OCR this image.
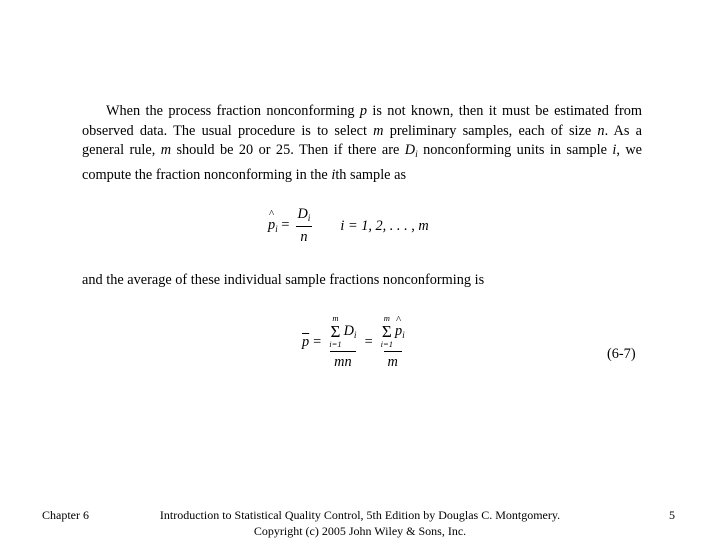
When the process fraction nonconforming p is not known, then it must be estimated from observed data. The usual procedure is to select m preliminary samples, each of size n. As a general rule, m should be 20 or 25. Then if there are $D_i$ nonconforming units in sample i, we compute the fraction nonconforming in the ith sample as
^ $p_i = \frac{D_i}{n}$ i = 1, 2, . . . , m
and the average of these individual sample fractions nonconforming is
$\overline{p} = m$
Σ
i=1
$D_i$
mn = m
Σ
i=1
^ $p_i$
m	(6-7)
Chapter 6	Introduction to Statistical Quality Control, 5th Edition by Douglas C. Montgomery.
Copyright (c) 2005 John Wiley & Sons, Inc.
5
